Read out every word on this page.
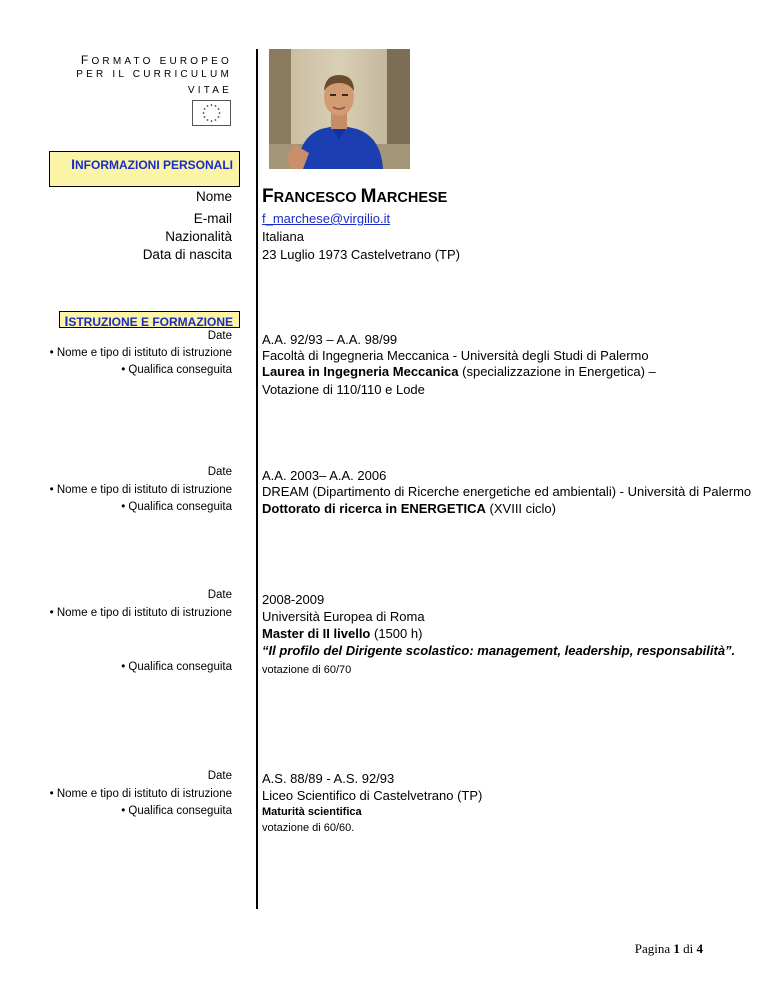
FORMATO EUROPEO
PER IL CURRICULUM
VITAE
INFORMAZIONI PERSONALI
Nome FRANCESCO MARCHESE
E-mail f_marchese@virgilio.it
Nazionalità Italiana
Data di nascita 23 Luglio 1973 Castelvetrano (TP)
ISTRUZIONE E FORMAZIONE
Date
• Nome e tipo di istituto di istruzione
• Qualifica conseguita
A.A. 92/93 – A.A. 98/99
Facoltà di Ingegneria Meccanica - Università degli Studi di Palermo
Laurea in Ingegneria Meccanica (specializzazione in Energetica) –
Votazione di 110/110 e Lode
Date
• Nome e tipo di istituto di istruzione
• Qualifica conseguita
A.A. 2003– A.A. 2006
DREAM (Dipartimento di Ricerche energetiche ed ambientali) - Università di Palermo
Dottorato di ricerca in ENERGETICA (XVIII ciclo)
Date
• Nome e tipo di istituto di istruzione
• Qualifica conseguita
2008-2009
Università Europea di Roma
Master di II livello (1500 h)
“Il profilo del Dirigente scolastico: management, leadership, responsabilità”.
votazione di 60/70
Date
• Nome e tipo di istituto di istruzione
• Qualifica conseguita
A.S. 88/89 - A.S. 92/93
Liceo Scientifico di Castelvetrano (TP)
Maturità scientifica
votazione di 60/60.
Pagina 1 di 4
